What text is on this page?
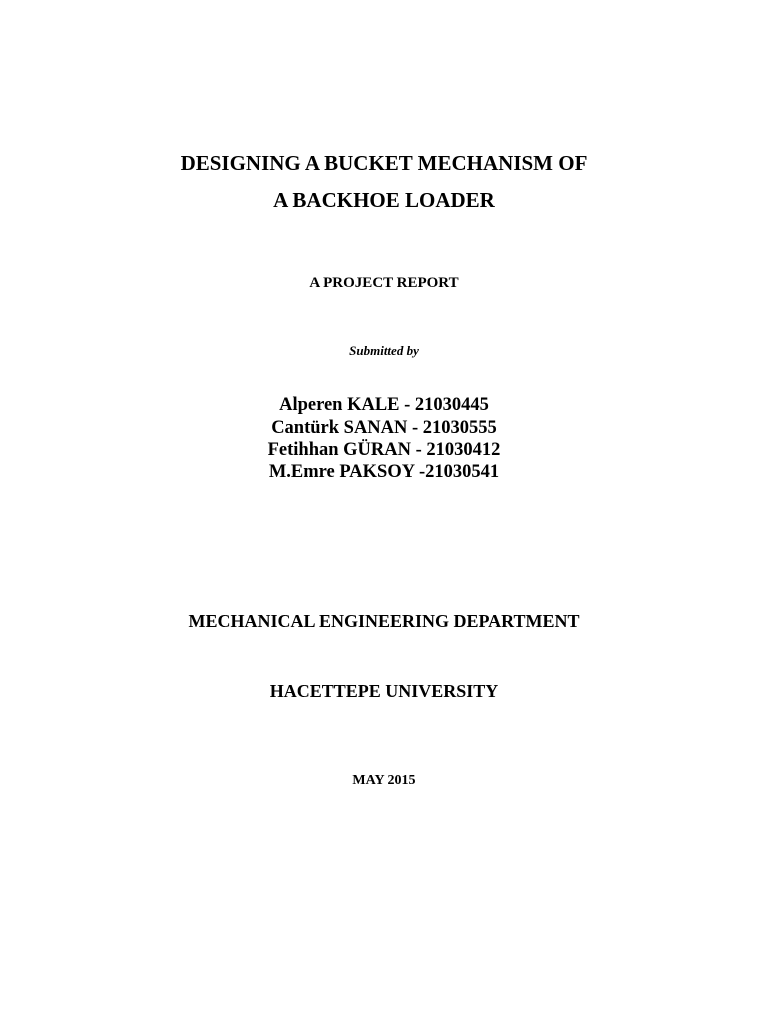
DESIGNING A BUCKET MECHANISM OF
A BACKHOE LOADER
A PROJECT REPORT
Submitted by
Alperen KALE - 21030445
Cantürk SANAN - 21030555
Fetihhan GÜRAN - 21030412
M.Emre PAKSOY -21030541
MECHANICAL ENGINEERING DEPARTMENT
HACETTEPE UNIVERSITY
MAY 2015
